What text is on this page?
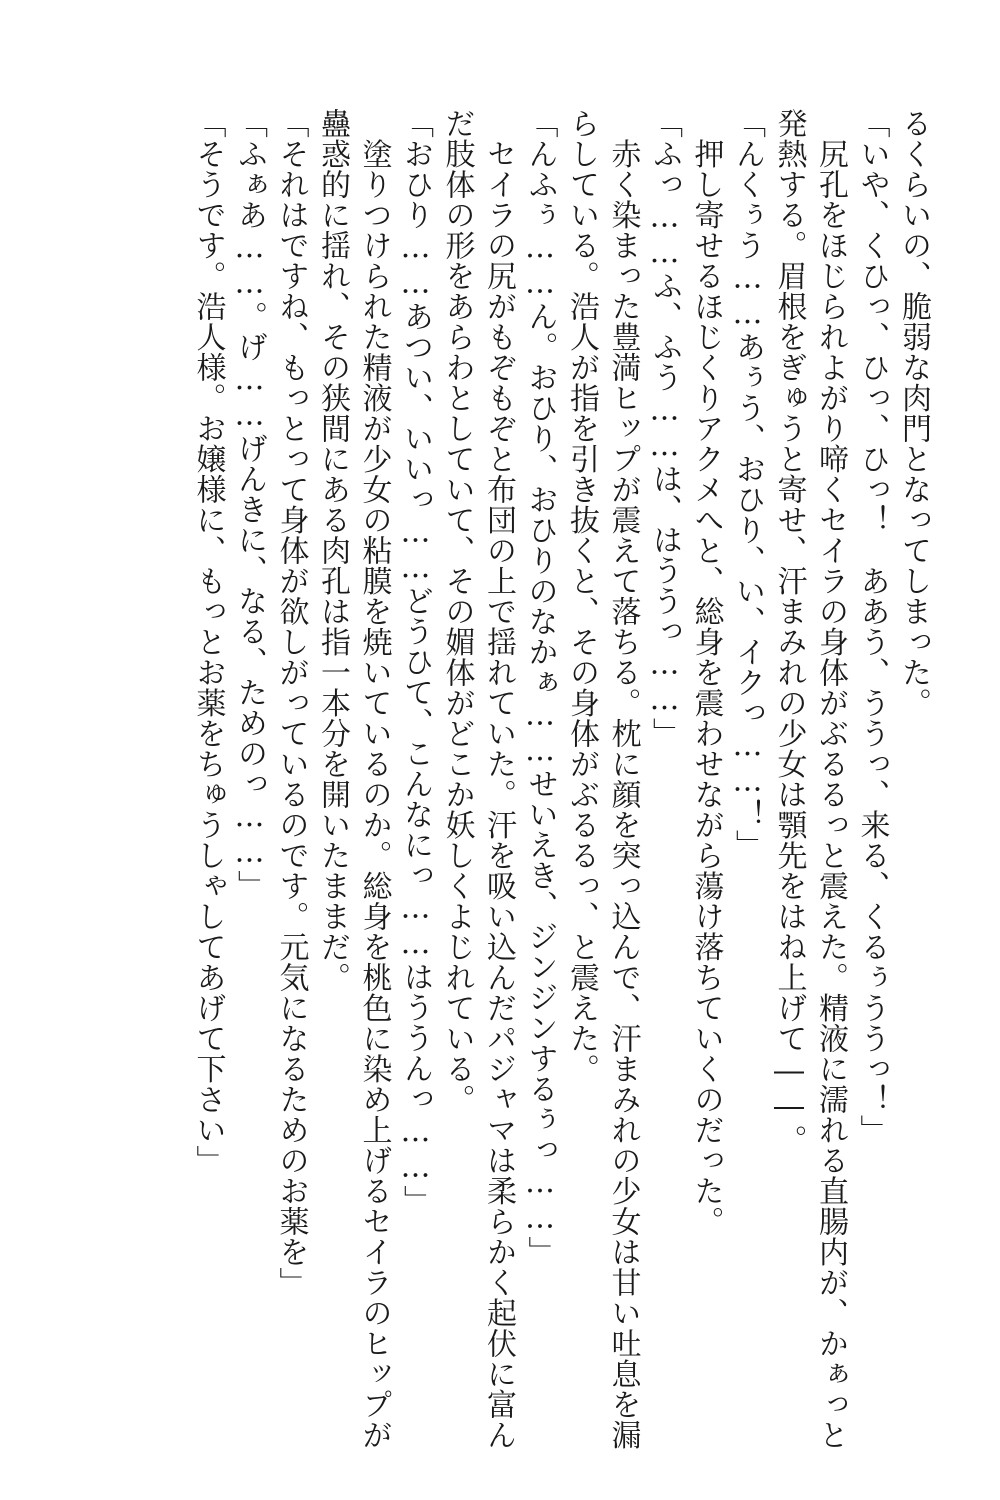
るくらいの、脆弱な肉門となってしまった。

「いや、くひっ、ひっ、ひっ！　ああう、ううっ、来る、くるぅううっ！」

　尻孔をほじられよがり啼くセイラの身体がぶるるっと震えた。精液に濡れる直腸内が、かぁっと

発熱する。眉根をぎゅうと寄せ、汗まみれの少女は顎先をはね上げて――。

「んくぅう……あぅう、おひり、い、イクっ……！」

　押し寄せるほじくりアクメへと、総身を震わせながら蕩け落ちていくのだった。

「ふっ……ふ、ふう……は、はううっ……」

　赤く染まった豊満ヒップが震えて落ちる。枕に顔を突っ込んで、汗まみれの少女は甘い吐息を漏

らしている。浩人が指を引き抜くと、その身体がぶるるっ、と震えた。

「んふぅ……ん。おひり、おひりのなかぁ……せいえき、ジンジンするぅっ……」

　セイラの尻がもぞもぞと布団の上で揺れていた。汗を吸い込んだパジャマは柔らかく起伏に富ん

だ肢体の形をあらわとしていて、その媚体がどこか妖しくよじれている。

「おひり……あつい、いいっ……どうひて、こんなにっ……はううんっ……」

　塗りつけられた精液が少女の粘膜を焼いているのか。総身を桃色に染め上げるセイラのヒップが

蠱惑的に揺れ、その狭間にある肉孔は指一本分を開いたままだ。

「それはですね、もっとって身体が欲しがっているのです。元気になるためのお薬を」

「ふぁあ……。げ……げんきに、なる、ためのっ……」

「そうです。浩人様。お嬢様に、もっとお薬をちゅうしゃしてあげて下さい」
